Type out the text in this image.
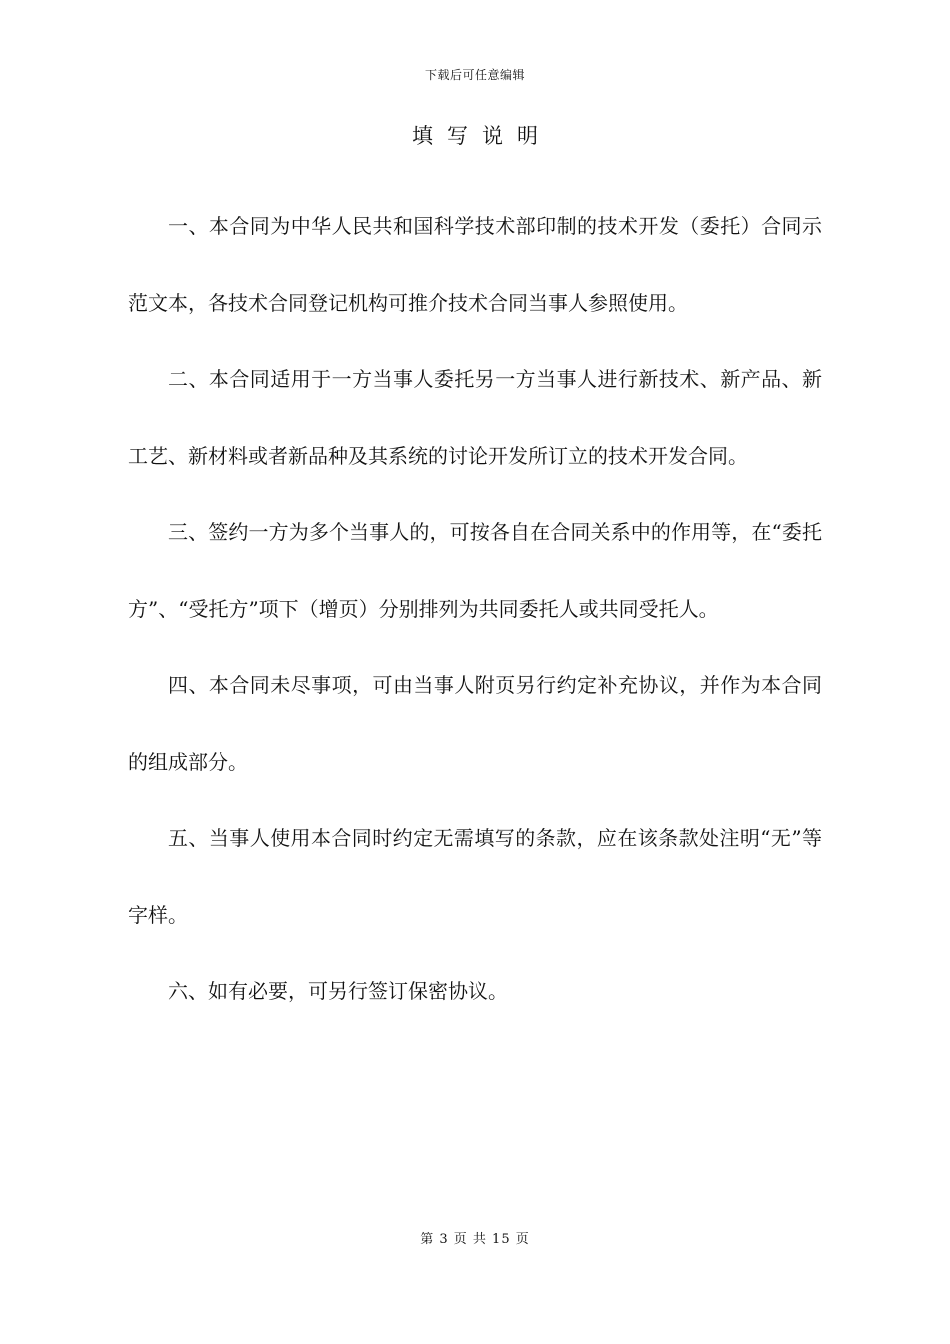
下载后可任意编辑
填写说明

一、本合同为中华人民共和国科学技术部印制的技术开发（委托）合同示范文本，各技术合同登记机构可推介技术合同当事人参照使用。

二、本合同适用于一方当事人委托另一方当事人进行新技术、新产品、新工艺、新材料或者新品种及其系统的讨论开发所订立的技术开发合同。

三、签约一方为多个当事人的，可按各自在合同关系中的作用等，在“委托方”、“受托方”项下（增页）分别排列为共同委托人或共同受托人。

四、本合同未尽事项，可由当事人附页另行约定补充协议，并作为本合同的组成部分。

五、当事人使用本合同时约定无需填写的条款，应在该条款处注明“无”等字样。

六、如有必要，可另行签订保密协议。

第 3 页 共 15 页
